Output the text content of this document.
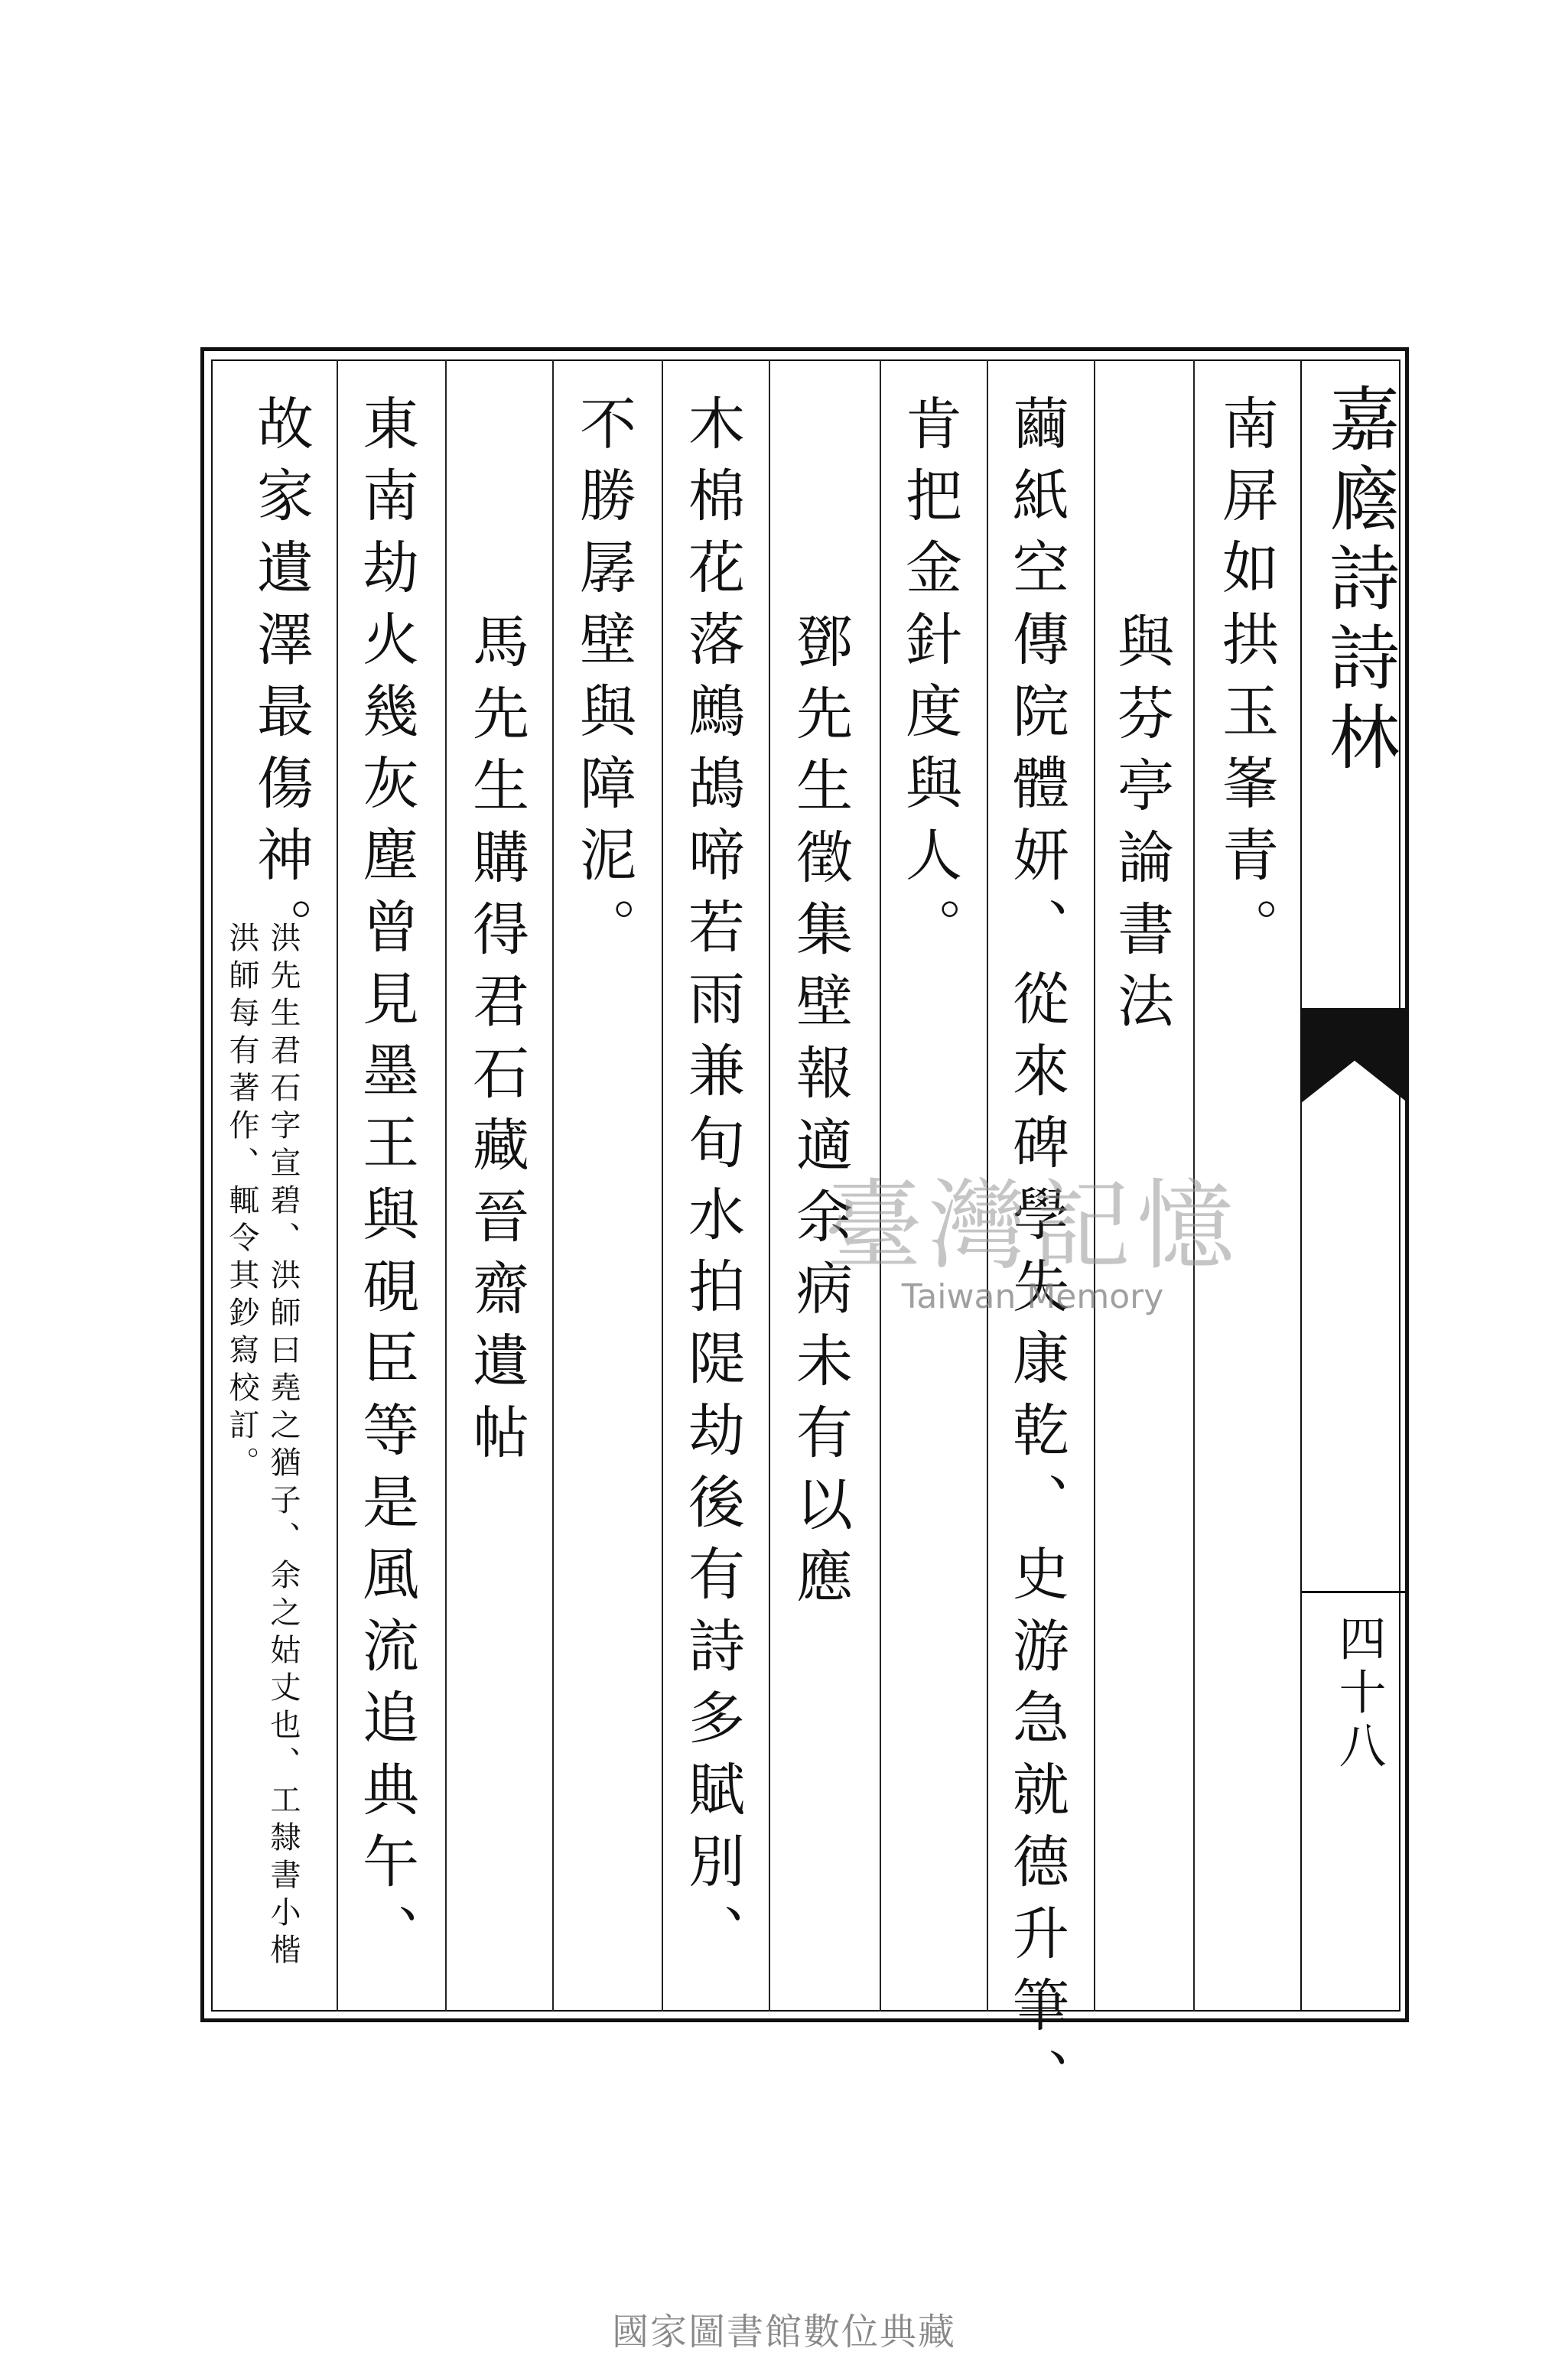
嘉廕詩詩林
四十八
南屏如拱玉峯青。
與芬亭論書法
繭紙空傳院體妍、從來碑學失康乾、史游急就德升筆、
肯把金針度與人。
鄧先生徵集壁報適余病未有以應
木棉花落鷓鴣啼若雨兼旬水拍隄劫後有詩多賦別、
不勝孱壁與障泥。
馬先生購得君石藏晉齋遺帖
東南劫火幾灰塵曾見墨王與硯臣等是風流追典午、
故家遺澤最傷神。
洪先生君石字宣碧、洪師曰堯之猶子、余之姑丈也、工隸書小楷
洪師每有著作、輒令其鈔寫校訂。	臺灣記憶
Taiwan Memory
國家圖書館數位典藏
